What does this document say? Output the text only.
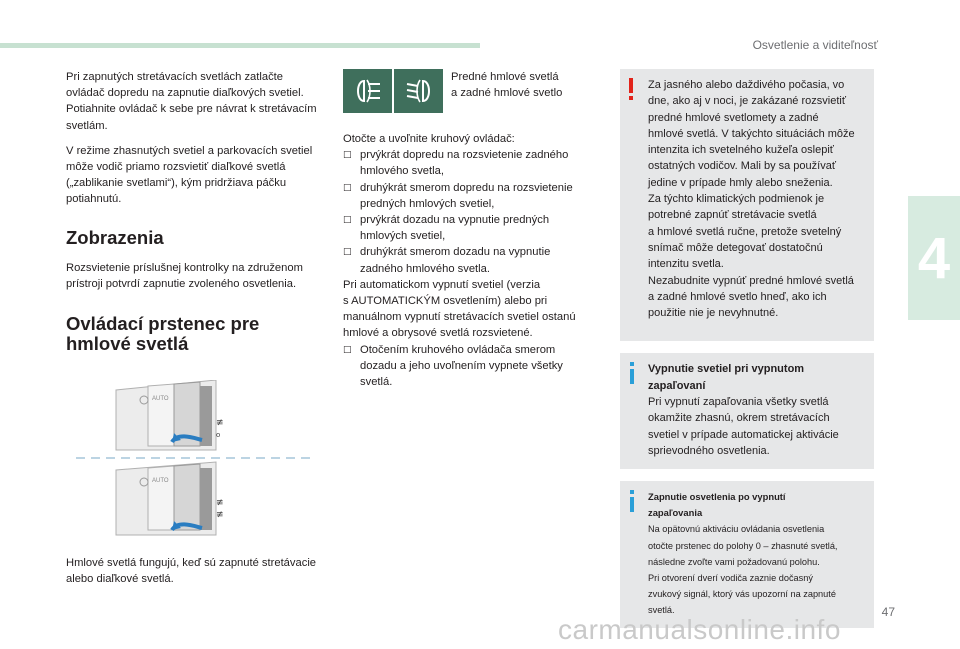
Osvetlenie a viditeľnosť
4

Pri zapnutých stretávacích svetlách zatlačte ovládač dopredu na zapnutie diaľkových svetiel. Potiahnite ovládač k sebe pre návrat k stretávacím svetlám.

V režime zhasnutých svetiel a parkovacích svetiel môže vodič priamo rozsvietiť diaľkové svetlá („zablikanie svetlami“), kým pridržiava páčku potiahnutú.

Zobrazenia

Rozsvietenie príslušnej kontrolky na združenom prístroji potvrdí zapnutie zvoleného osvetlenia.

Ovládací prstenec pre
hmlové svetlá
AUTO
≢
o
AUTO
≢
≢

Hmlové svetlá fungujú, keď sú zapnuté stretávacie alebo diaľkové svetlá.

Predné hmlové svetlá
a zadné hmlové svetlo

Otočte a uvoľnite kruhový ovládač:

□ prvýkrát dopredu na rozsvietenie zadného
hmlového svetla,
□ druhýkrát smerom dopredu na rozsvietenie
predných hmlových svetiel,
□ prvýkrát dozadu na vypnutie predných
hmlových svetiel,
□ druhýkrát smerom dozadu na vypnutie
zadného hmlového svetla.
Pri automatickom vypnutí svetiel (verzia
s AUTOMATICKÝM osvetlením) alebo pri
manuálnom vypnutí stretávacích svetiel ostanú
hmlové a obrysové svetlá rozsvietené.
□ Otočením kruhového ovládača smerom
dozadu a jeho uvoľnením vypnete všetky
svetlá.

Za jasného alebo daždivého počasia, vo

dne, ako aj v noci, je zakázané rozsvietiť

predné hmlové svetlomety a zadné

hmlové svetlá. V takýchto situáciách môže

intenzita ich svetelného kužeľa oslepiť

ostatných vodičov. Mali by sa používať

jedine v prípade hmly alebo sneženia.

Za týchto klimatických podmienok je

potrebné zapnúť stretávacie svetlá

a hmlové svetlá ručne, pretože svetelný

snímač môže detegovať dostatočnú

intenzitu svetla.

Nezabudnite vypnúť predné hmlové svetlá

a zadné hmlové svetlo hneď, ako ich

použitie nie je nevyhnutné.

Vypnutie svetiel pri vypnutom

zapaľovaní

Pri vypnutí zapaľovania všetky svetlá

okamžite zhasnú, okrem stretávacích

svetiel v prípade automatickej aktivácie

sprievodného osvetlenia.

Zapnutie osvetlenia po vypnutí

zapaľovania

Na opätovnú aktiváciu ovládania osvetlenia

otočte prstenec do polohy 0 – zhasnuté svetlá,

následne zvoľte vami požadovanú polohu.

Pri otvorení dverí vodiča zaznie dočasný

zvukový signál, ktorý vás upozorní na zapnuté

svetlá.	47
carmanualsonline.info
